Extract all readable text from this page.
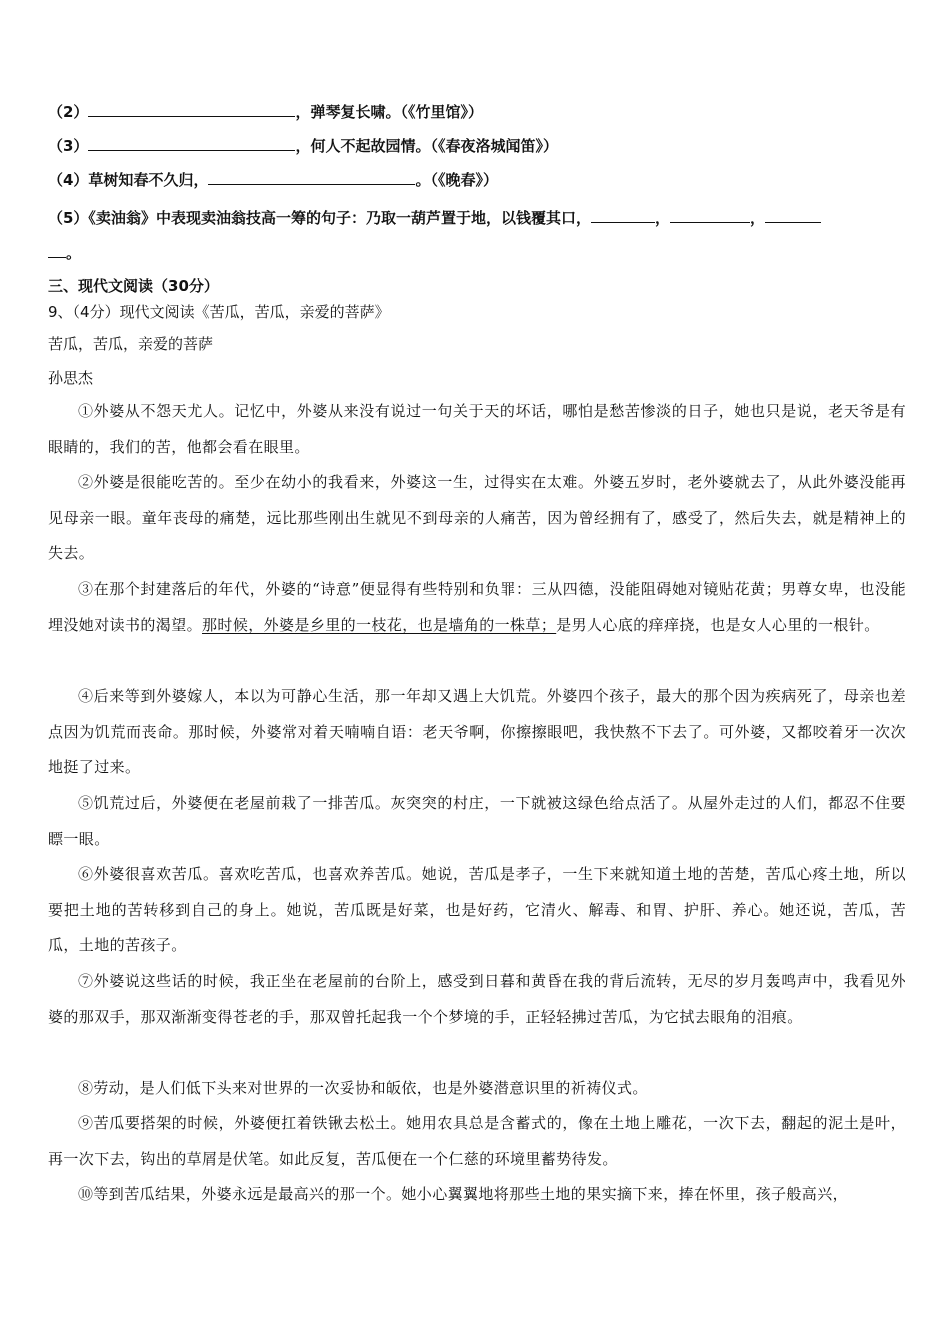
（2）	，弹琴复长啸。（《竹里馆》）
（3）	，何人不起故园情。（《春夜洛城闻笛》）
（4）草树知春不久归，	。（《晚春》）
（5）《卖油翁》中表现卖油翁技高一筹的句子：乃取一葫芦置于地，以钱覆其口，	，	，
。
三、现代文阅读（30分）
9、（4分）现代文阅读《苦瓜，苦瓜，亲爱的菩萨》
苦瓜，苦瓜，亲爱的菩萨
孙思杰
①外婆从不怨天尤人。记忆中，外婆从来没有说过一句关于天的坏话，哪怕是愁苦惨淡的日子，她也只是说，老天爷是有眼睛的，我们的苦，他都会看在眼里。
②外婆是很能吃苦的。至少在幼小的我看来，外婆这一生，过得实在太难。外婆五岁时，老外婆就去了，从此外婆没能再见母亲一眼。童年丧母的痛楚，远比那些刚出生就见不到母亲的人痛苦，因为曾经拥有了，感受了，然后失去，就是精神上的失去。
③在那个封建落后的年代，外婆的“诗意”便显得有些特别和负罪：三从四德，没能阻碍她对镜贴花黄；男尊女卑，也没能埋没她对读书的渴望。那时候，外婆是乡里的一枝花，也是墙角的一株草；是男人心底的痒痒挠，也是女人心里的一根针。
④后来等到外婆嫁人，本以为可静心生活，那一年却又遇上大饥荒。外婆四个孩子，最大的那个因为疾病死了，母亲也差点因为饥荒而丧命。那时候，外婆常对着天喃喃自语：老天爷啊，你擦擦眼吧，我快熬不下去了。可外婆，又都咬着牙一次次地挺了过来。
⑤饥荒过后，外婆便在老屋前栽了一排苦瓜。灰突突的村庄，一下就被这绿色给点活了。从屋外走过的人们，都忍不住要瞟一眼。
⑥外婆很喜欢苦瓜。喜欢吃苦瓜，也喜欢养苦瓜。她说，苦瓜是孝子，一生下来就知道土地的苦楚，苦瓜心疼土地，所以要把土地的苦转移到自己的身上。她说，苦瓜既是好菜，也是好药，它清火、解毒、和胃、护肝、养心。她还说，苦瓜，苦瓜，土地的苦孩子。
⑦外婆说这些话的时候，我正坐在老屋前的台阶上，感受到日暮和黄昏在我的背后流转，无尽的岁月轰鸣声中，我看见外婆的那双手，那双渐渐变得苍老的手，那双曾托起我一个个梦境的手，正轻轻拂过苦瓜，为它拭去眼角的泪痕。
⑧劳动，是人们低下头来对世界的一次妥协和皈依，也是外婆潜意识里的祈祷仪式。
⑨苦瓜要搭架的时候，外婆便扛着铁锹去松土。她用农具总是含蓄式的，像在土地上雕花，一次下去，翻起的泥土是叶，再一次下去，钩出的草屑是伏笔。如此反复，苦瓜便在一个仁慈的环境里蓄势待发。
⑩等到苦瓜结果，外婆永远是最高兴的那一个。她小心翼翼地将那些土地的果实摘下来，捧在怀里，孩子般高兴，
